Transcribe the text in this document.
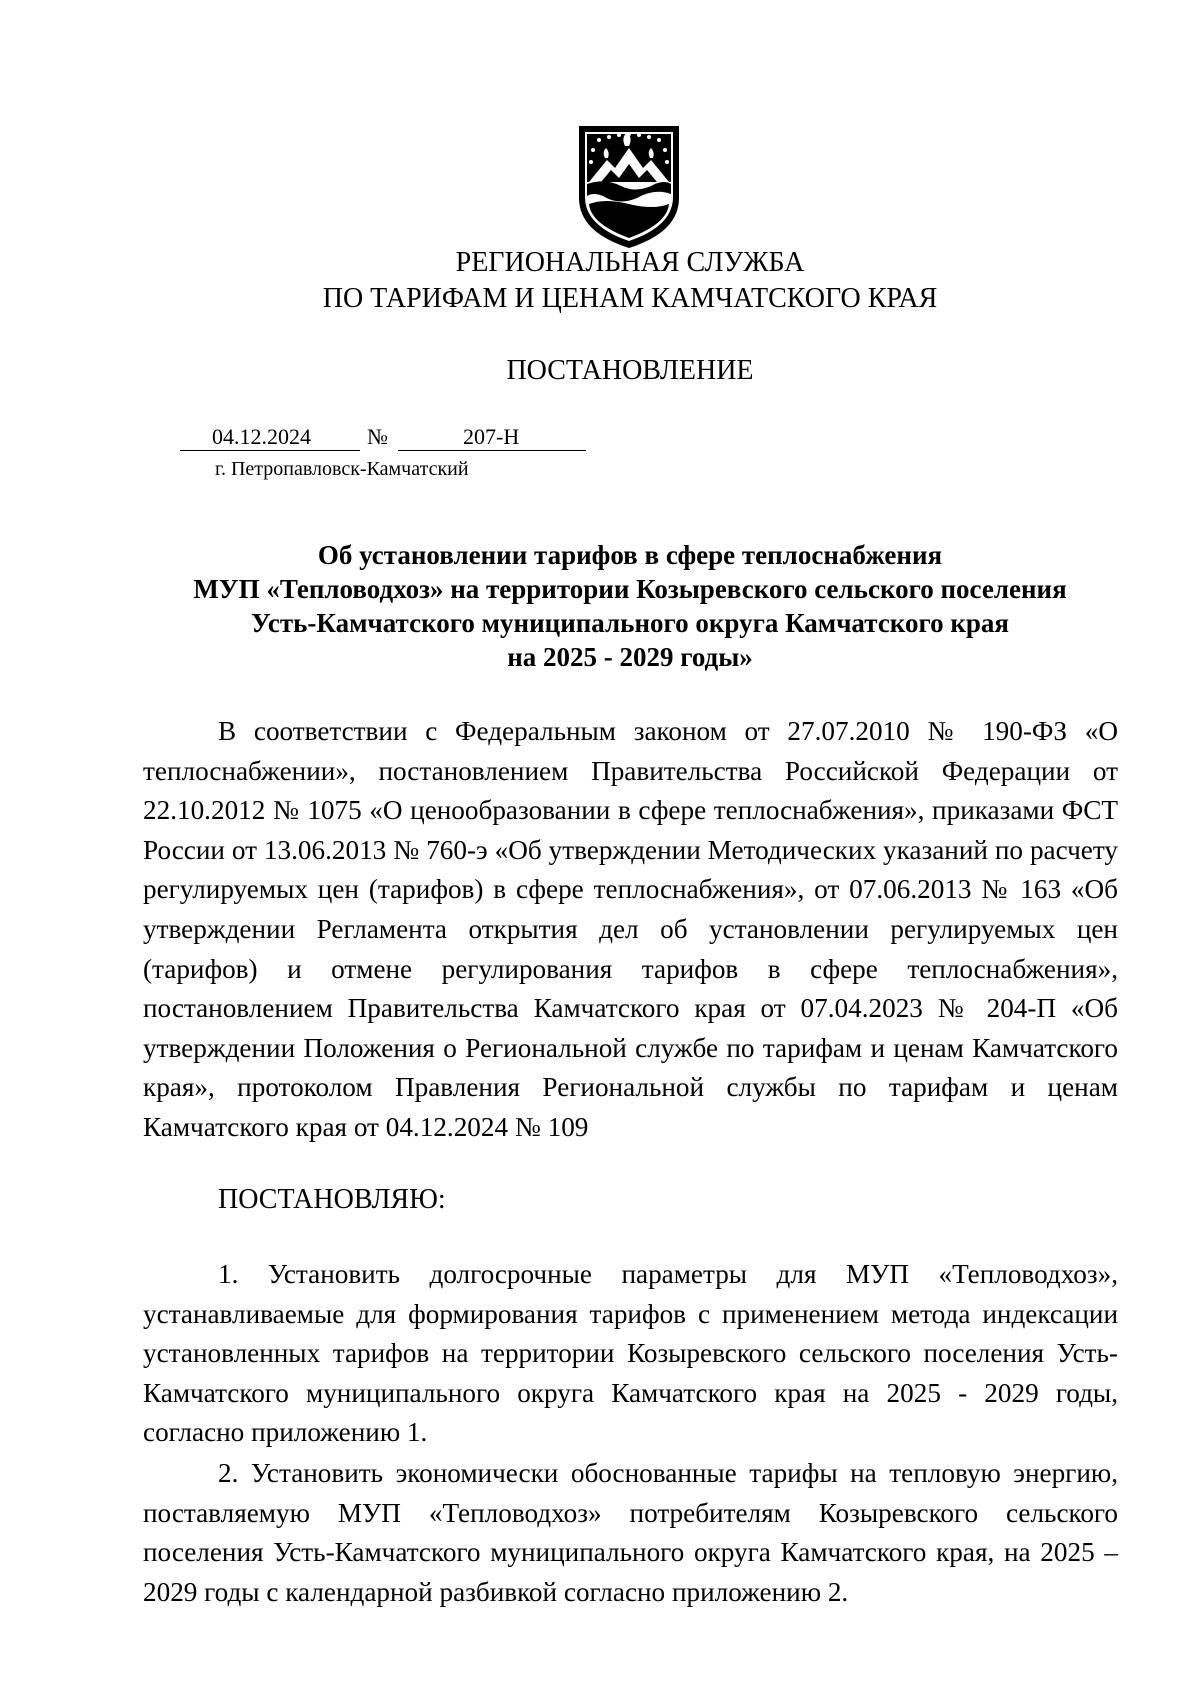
РЕГИОНАЛЬНАЯ СЛУЖБА
ПО ТАРИФАМ И ЦЕНАМ КАМЧАТСКОГО КРАЯ
ПОСТАНОВЛЕНИЕ
04.12.2024	№	207-Н
г. Петропавловск-Камчатский
Об установлении тарифов в сфере теплоснабжения
МУП «Тепловодхоз» на территории Козыревского сельского поселения
Усть-Камчатского муниципального округа Камчатского края
на 2025 - 2029 годы»

В соответствии с Федеральным законом от 27.07.2010 № 190-ФЗ «О теплоснабжении», постановлением Правительства Российской Федерации от 22.10.2012 № 1075 «О ценообразовании в сфере теплоснабжения», приказами ФСТ России от 13.06.2013 № 760-э «Об утверждении Методических указаний по расчету регулируемых цен (тарифов) в сфере теплоснабжения», от 07.06.2013 № 163 «Об утверждении Регламента открытия дел об установлении регулируемых цен (тарифов) и отмене регулирования тарифов в сфере теплоснабжения», постановлением Правительства Камчатского края от 07.04.2023 № 204-П «Об утверждении Положения о Региональной службе по тарифам и ценам Камчатского края», протоколом Правления Региональной службы по тарифам и ценам Камчатского края от 04.12.2024 № 109

ПОСТАНОВЛЯЮ:

1. Установить долгосрочные параметры для МУП «Тепловодхоз», устанавливаемые для формирования тарифов с применением метода индексации установленных тарифов на территории Козыревского сельского поселения Усть-Камчатского муниципального округа Камчатского края на 2025 - 2029 годы, согласно приложению 1.

2. Установить экономически обоснованные тарифы на тепловую энергию, поставляемую МУП «Тепловодхоз» потребителям Козыревского сельского поселения Усть-Камчатского муниципального округа Камчатского края, на 2025 – 2029 годы с календарной разбивкой согласно приложению 2.
